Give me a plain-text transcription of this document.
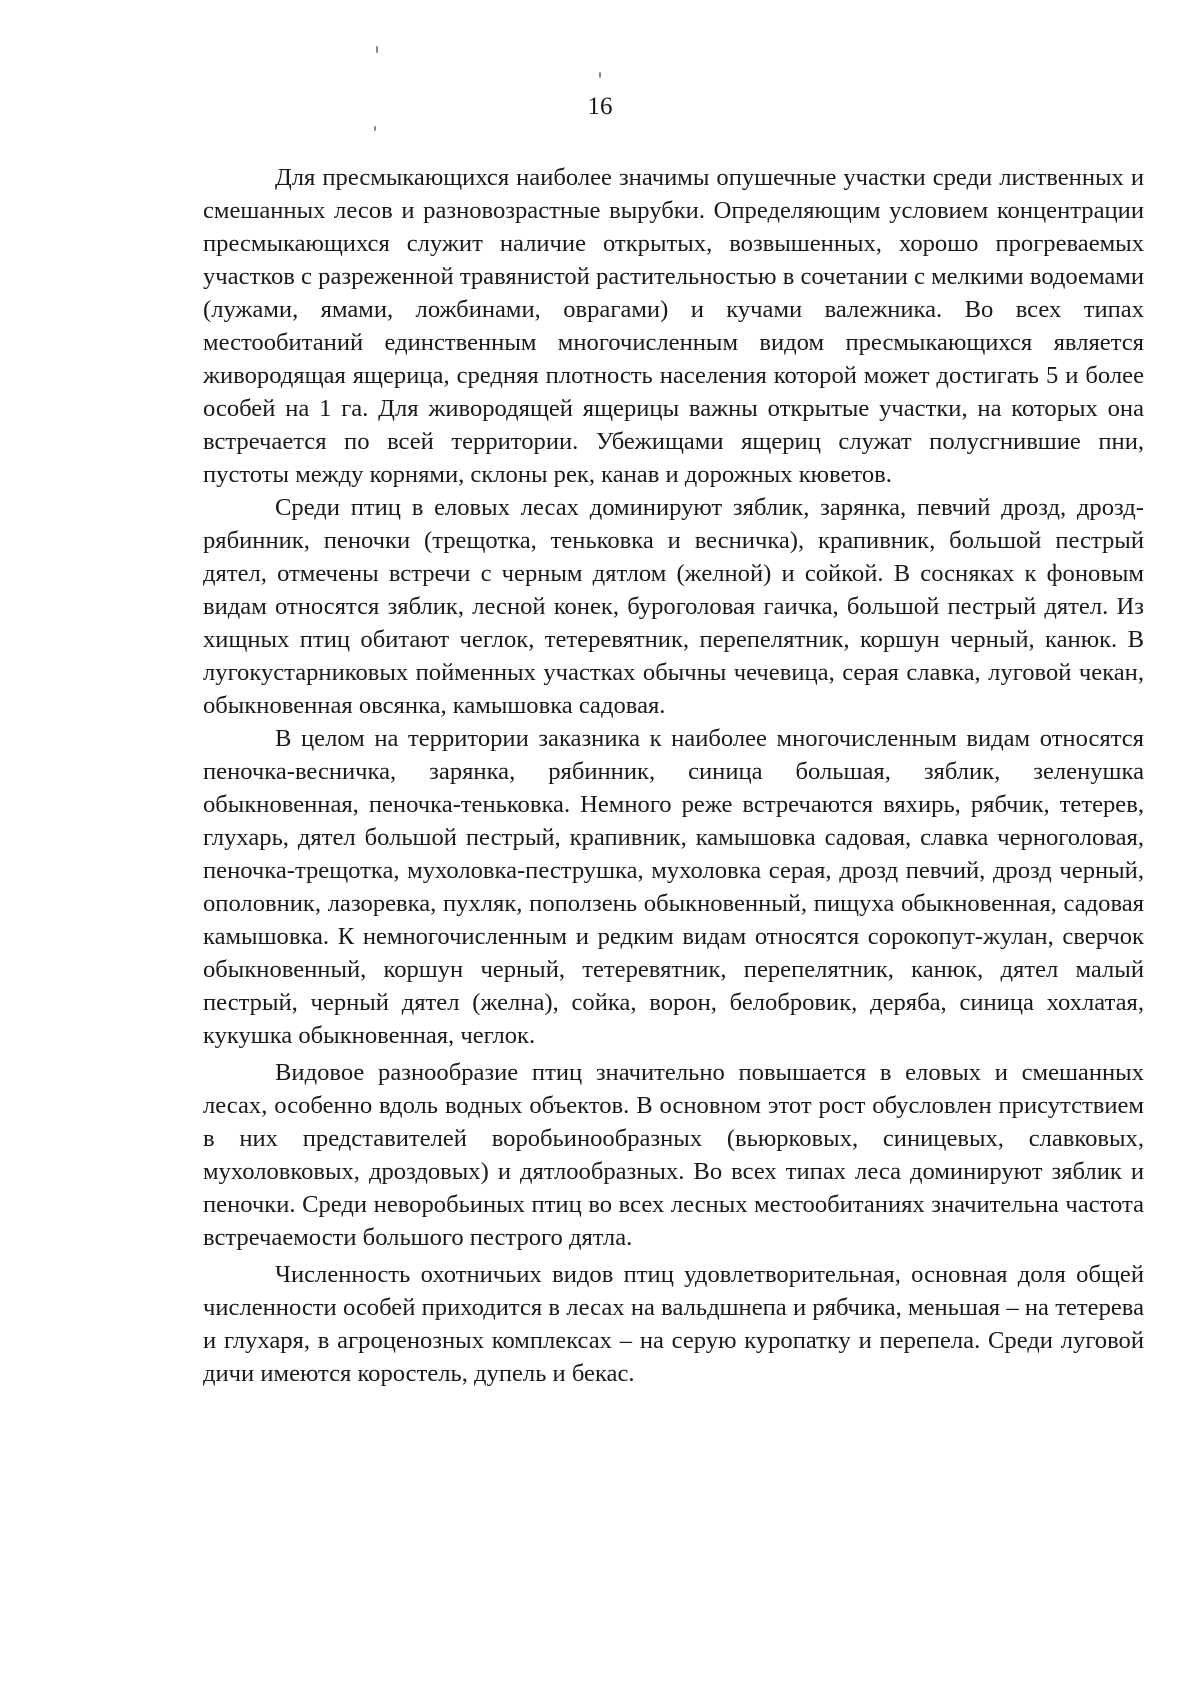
16

Для пресмыкающихся наиболее значимы опушечные участки среди лиственных и смешанных лесов и разновозрастные вырубки. Определяющим условием концентрации пресмыкающихся служит наличие открытых, возвышенных, хорошо прогреваемых участков с разреженной травянистой растительностью в сочетании с мелкими водоемами (лужами, ямами, ложбинами, оврагами) и кучами валежника. Во всех типах местообитаний единственным многочисленным видом пресмыкающихся является живородящая ящерица, средняя плотность населения которой может достигать 5 и более особей на 1 га. Для живородящей ящерицы важны открытые участки, на которых она встречается по всей территории. Убежищами ящериц служат полусгнившие пни, пустоты между корнями, склоны рек, канав и дорожных кюветов.

Среди птиц в еловых лесах доминируют зяблик, зарянка, певчий дрозд, дрозд-рябинник, пеночки (трещотка, теньковка и весничка), крапивник, большой пестрый дятел, отмечены встречи с черным дятлом (желной) и сойкой. В сосняках к фоновым видам относятся зяблик, лесной конек, буроголовая гаичка, большой пестрый дятел. Из хищных птиц обитают чеглок, тетеревятник, перепелятник, коршун черный, канюк. В лугокустарниковых пойменных участках обычны чечевица, серая славка, луговой чекан, обыкновенная овсянка, камышовка садовая.

В целом на территории заказника к наиболее многочисленным видам относятся пеночка-весничка, зарянка, рябинник, синица большая, зяблик, зеленушка обыкновенная, пеночка-теньковка. Немного реже встречаются вяхирь, рябчик, тетерев, глухарь, дятел большой пестрый, крапивник, камышовка садовая, славка черноголовая, пеночка-трещотка, мухоловка-пеструшка, мухоловка серая, дрозд певчий, дрозд черный, ополовник, лазоревка, пухляк, поползень обыкновенный, пищуха обыкновенная, садовая камышовка. К немногочисленным и редким видам относятся сорокопут-жулан, сверчок обыкновенный, коршун черный, тетеревятник, перепелятник, канюк, дятел малый пестрый, черный дятел (желна), сойка, ворон, белобровик, деряба, синица хохлатая, кукушка обыкновенная, чеглок.

Видовое разнообразие птиц значительно повышается в еловых и смешанных лесах, особенно вдоль водных объектов. В основном этот рост обусловлен присутствием в них представителей воробьинообразных (вьюрковых, синицевых, славковых, мухоловковых, дроздовых) и дятлообразных. Во всех типах леса доминируют зяблик и пеночки. Среди неворобьиных птиц во всех лесных местообитаниях значительна частота встречаемости большого пестрого дятла.

Численность охотничьих видов птиц удовлетворительная, основная доля общей численности особей приходится в лесах на вальдшнепа и рябчика, меньшая – на тетерева и глухаря, в агроценозных комплексах – на серую куропатку и перепела. Среди луговой дичи имеются коростель, дупель и бекас.
